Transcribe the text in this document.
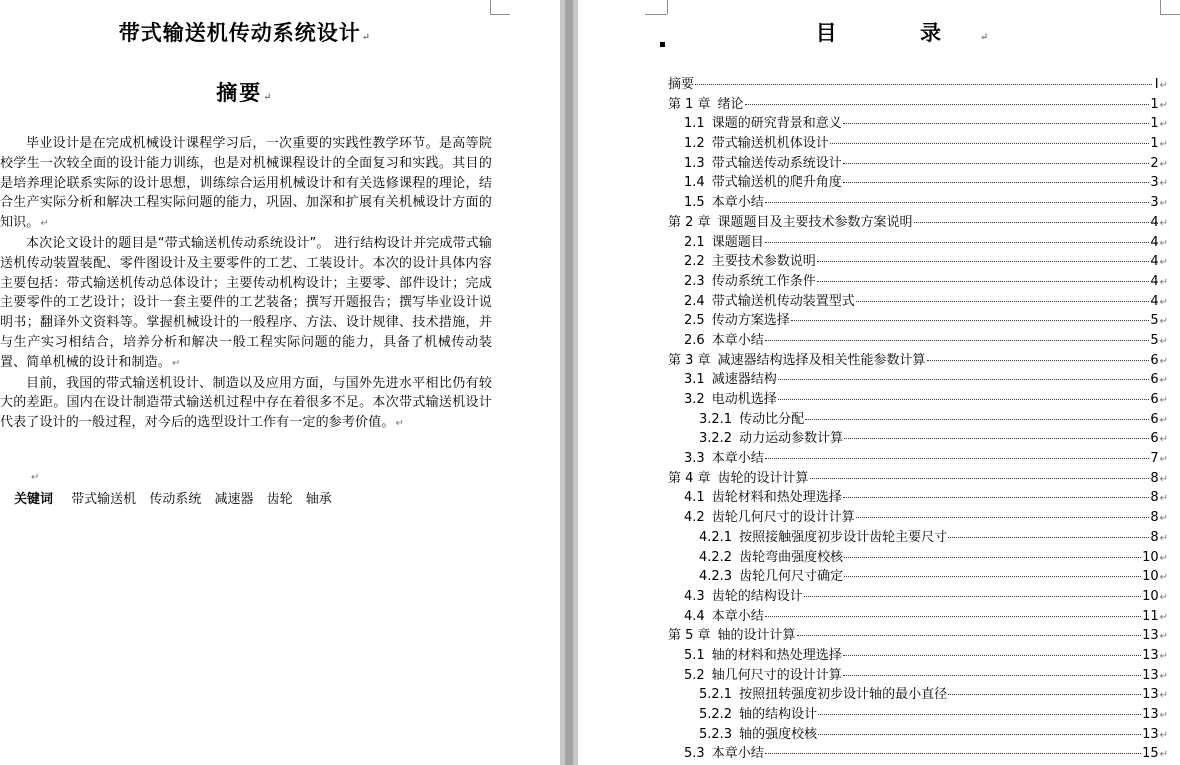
带式输送机传动系统设计↵
摘要↵

毕业设计是在完成机械设计课程学习后，一次重要的实践性教学环节。是高等院校学生一次较全面的设计能力训练，也是对机械课程设计的全面复习和实践。其目的是培养理论联系实际的设计思想，训练综合运用机械设计和有关选修课程的理论，结合生产实际分析和解决工程实际问题的能力，巩固、加深和扩展有关机械设计方面的知识。↵

本次论文设计的题目是“带式输送机传动系统设计”。 进行结构设计并完成带式输送机传动装置装配、零件图设计及主要零件的工艺、工装设计。本次的设计具体内容主要包括：带式输送机传动总体设计；主要传动机构设计；主要零、部件设计；完成主要零件的工艺设计；设计一套主要件的工艺装备；撰写开题报告；撰写毕业设计说明书；翻译外文资料等。掌握机械设计的一般程序、方法、设计规律、技术措施，并与生产实习相结合，培养分析和解决一般工程实际问题的能力，具备了机械传动装置、简单机械的设计和制造。↵

目前，我国的带式输送机设计、制造以及应用方面，与国外先进水平相比仍有较大的差距。国内在设计制造带式输送机过程中存在着很多不足。本次带式输送机设计代表了设计的一般过程，对今后的选型设计工作有一定的参考价值。↵

↵
关键词 带式输送机 传动系统 减速器 齿轮 轴承
目 录↵
摘要	I ↵
第 1 章 绪论	1 ↵
1.1 课题的研究背景和意义	1 ↵
1.2 带式输送机机体设计	1 ↵
1.3 带式输送传动系统设计	2 ↵
1.4 带式输送机的爬升角度	3 ↵
1.5 本章小结	3 ↵
第 2 章 课题题目及主要技术参数方案说明	4 ↵
2.1 课题题目	4 ↵
2.2 主要技术参数说明	4 ↵
2.3 传动系统工作条件	4 ↵
2.4 带式输送机传动装置型式	4 ↵
2.5 传动方案选择	5 ↵
2.6 本章小结	5 ↵
第 3 章 减速器结构选择及相关性能参数计算	6 ↵
3.1 减速器结构	6 ↵
3.2 电动机选择	6 ↵
3.2.1 传动比分配	6 ↵
3.2.2 动力运动参数计算	6 ↵
3.3 本章小结	7 ↵
第 4 章 齿轮的设计计算	8 ↵
4.1 齿轮材料和热处理选择	8 ↵
4.2 齿轮几何尺寸的设计计算	8 ↵
4.2.1 按照接触强度初步设计齿轮主要尺寸	8 ↵
4.2.2 齿轮弯曲强度校核	10 ↵
4.2.3 齿轮几何尺寸确定	10 ↵
4.3 齿轮的结构设计	10 ↵
4.4 本章小结	11 ↵
第 5 章 轴的设计计算	13 ↵
5.1 轴的材料和热处理选择	13 ↵
5.2 轴几何尺寸的设计计算	13 ↵
5.2.1 按照扭转强度初步设计轴的最小直径	13 ↵
5.2.2 轴的结构设计	13 ↵
5.2.3 轴的强度校核	13 ↵
5.3 本章小结	15 ↵
